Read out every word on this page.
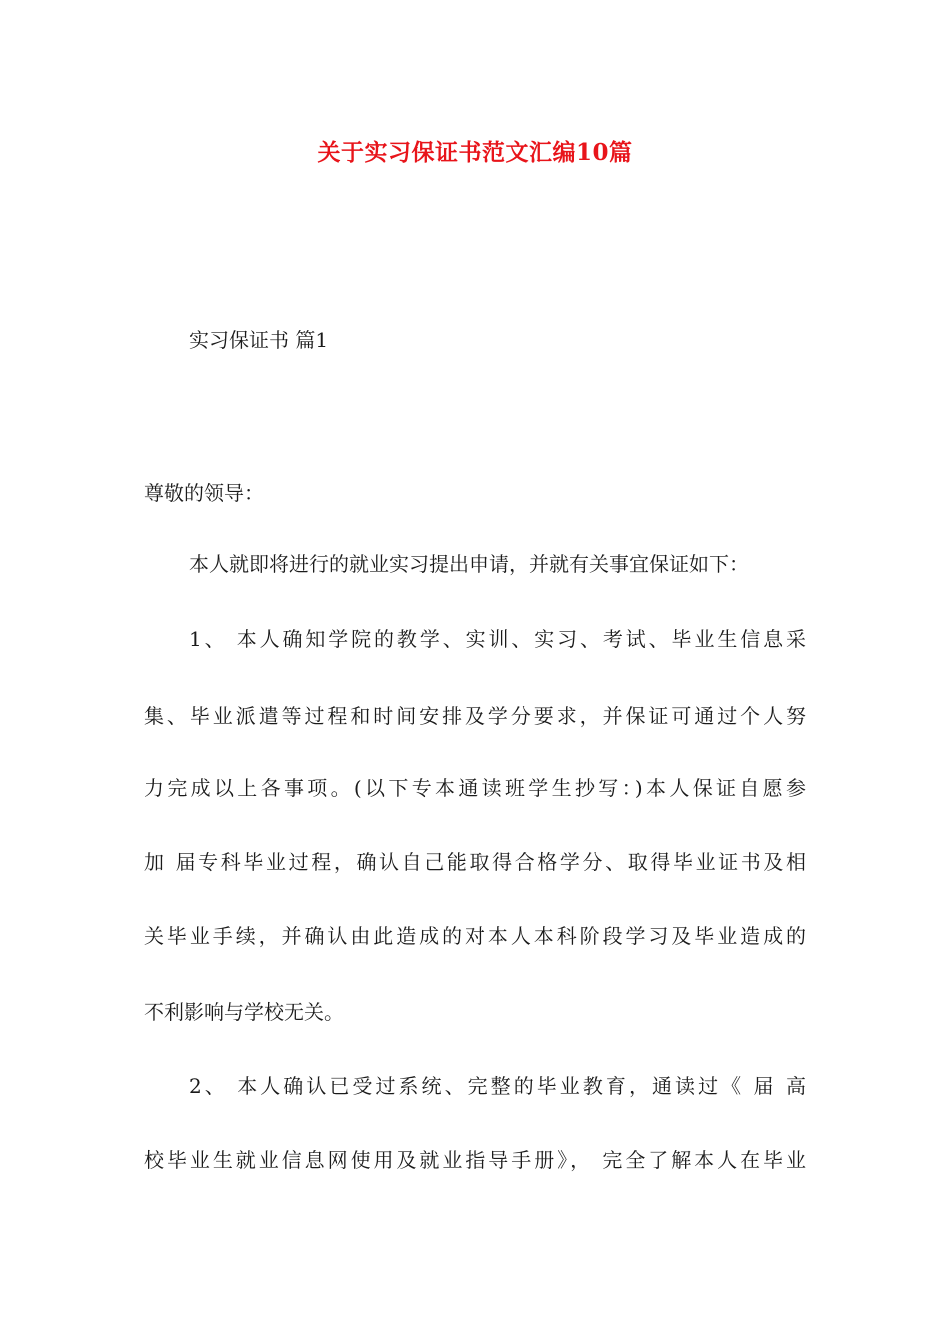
关于实习保证书范文汇编10篇
实习保证书 篇1
尊敬的领导：
本人就即将进行的就业实习提出申请，并就有关事宜保证如下：
1、 本人确知学院的教学、实训、实习、考试、毕业生信息采
集、毕业派遣等过程和时间安排及学分要求，并保证可通过个人努
力完成以上各事项。(以下专本通读班学生抄写：)本人保证自愿参
加 届专科毕业过程，确认自己能取得合格学分、取得毕业证书及相
关毕业手续，并确认由此造成的对本人本科阶段学习及毕业造成的
不利影响与学校无关。
2、 本人确认已受过系统、完整的毕业教育，通读过《 届 高
校毕业生就业信息网使用及就业指导手册》， 完全了解本人在毕业
